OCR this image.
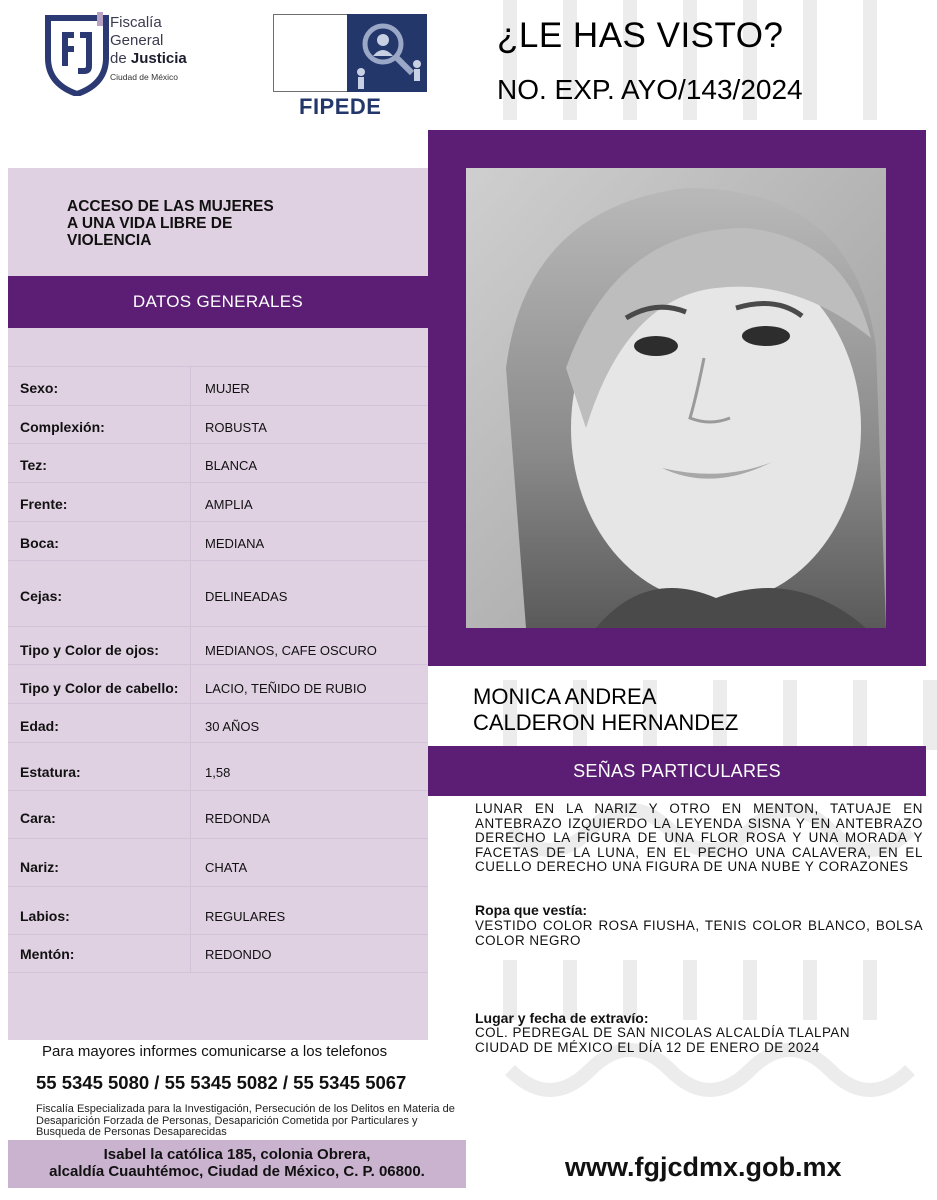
Fiscalía
General
de Justicia
Ciudad de México
FIPEDE
¿LE HAS VISTO?
NO. EXP. AYO/143/2024
ACCESO DE LAS MUJERES
A UNA VIDA LIBRE DE
VIOLENCIA
DATOS GENERALES
Sexo:	MUJER
Complexión:	ROBUSTA
Tez:	BLANCA
Frente:	AMPLIA
Boca:	MEDIANA
Cejas:	DELINEADAS
Tipo y Color de ojos:	MEDIANOS, CAFE OSCURO
Tipo y Color de cabello: LACIO, TEÑIDO DE RUBIO
Edad:	30 AÑOS
Estatura:	1,58
Cara:	REDONDA
Nariz:	CHATA
Labios:	REGULARES
Mentón:	REDONDO
Para mayores informes comunicarse a los telefonos
55 5345 5080 / 55 5345 5082 / 55 5345 5067
Fiscalía Especializada para la Investigación, Persecución de los Delitos en Materia de Desaparición Forzada de Personas, Desaparición Cometida por Particulares y Busqueda de Personas Desaparecidas
Isabel la católica 185, colonia Obrera,
alcaldía Cuauhtémoc, Ciudad de México, C. P. 06800.	www.fgjcdmx.gob.mx
MONICA ANDREA
CALDERON HERNANDEZ
SEÑAS PARTICULARES
LUNAR EN LA NARIZ Y OTRO EN MENTON, TATUAJE EN ANTEBRAZO IZQUIERDO LA LEYENDA SISNA Y EN ANTEBRAZO DERECHO LA FIGURA DE UNA FLOR ROSA Y UNA MORADA Y FACETAS DE LA LUNA, EN EL PECHO UNA CALAVERA, EN EL CUELLO DERECHO UNA FIGURA DE UNA NUBE Y CORAZONES
Ropa que vestía:
VESTIDO COLOR ROSA FIUSHA, TENIS COLOR BLANCO, BOLSA COLOR NEGRO
Lugar y fecha de extravío:
COL. PEDREGAL DE SAN NICOLAS ALCALDÍA TLALPAN
CIUDAD DE MÉXICO EL DÍA 12 DE ENERO DE 2024
